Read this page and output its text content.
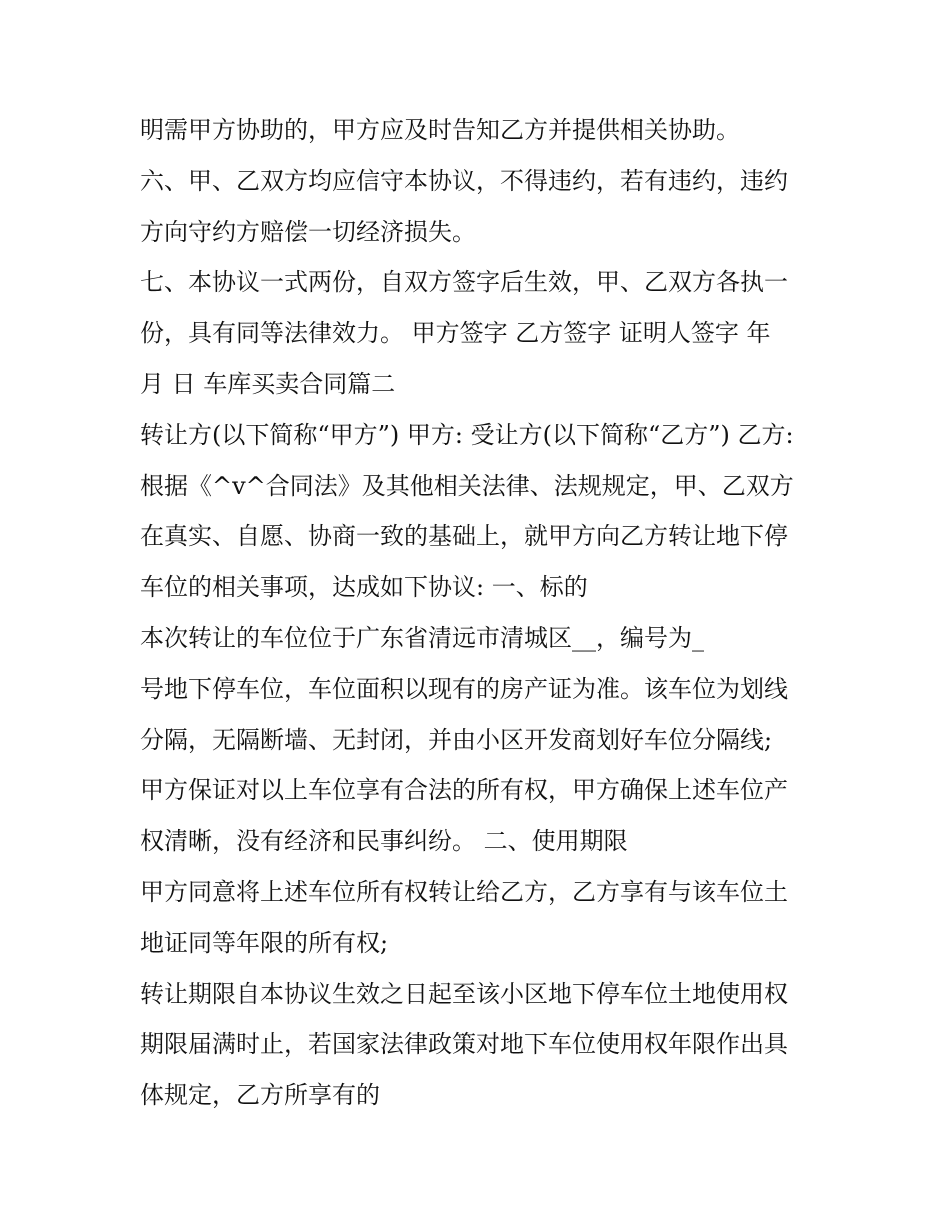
明需甲方协助的，甲方应及时告知乙方并提供相关协助。
六、甲、乙双方均应信守本协议，不得违约，若有违约，违约
方向守约方赔偿一切经济损失。
七、本协议一式两份，自双方签字后生效，甲、乙双方各执一
份，具有同等法律效力。 甲方签字 乙方签字 证明人签字 年
月 日 车库买卖合同篇二
转让方(以下简称“甲方”) 甲方: 受让方(以下简称“乙方”) 乙方:
根据《^v^合同法》及其他相关法律、法规规定，甲、乙双方
在真实、自愿、协商一致的基础上，就甲方向乙方转让地下停
车位的相关事项，达成如下协议: 一、标的
本次转让的车位位于广东省清远市清城区__，编号为_
号地下停车位，车位面积以现有的房产证为准。该车位为划线
分隔，无隔断墙、无封闭，并由小区开发商划好车位分隔线;
甲方保证对以上车位享有合法的所有权，甲方确保上述车位产
权清晰，没有经济和民事纠纷。 二、使用期限
甲方同意将上述车位所有权转让给乙方，乙方享有与该车位土
地证同等年限的所有权;
转让期限自本协议生效之日起至该小区地下停车位土地使用权
期限届满时止，若国家法律政策对地下车位使用权年限作出具
体规定，乙方所享有的
